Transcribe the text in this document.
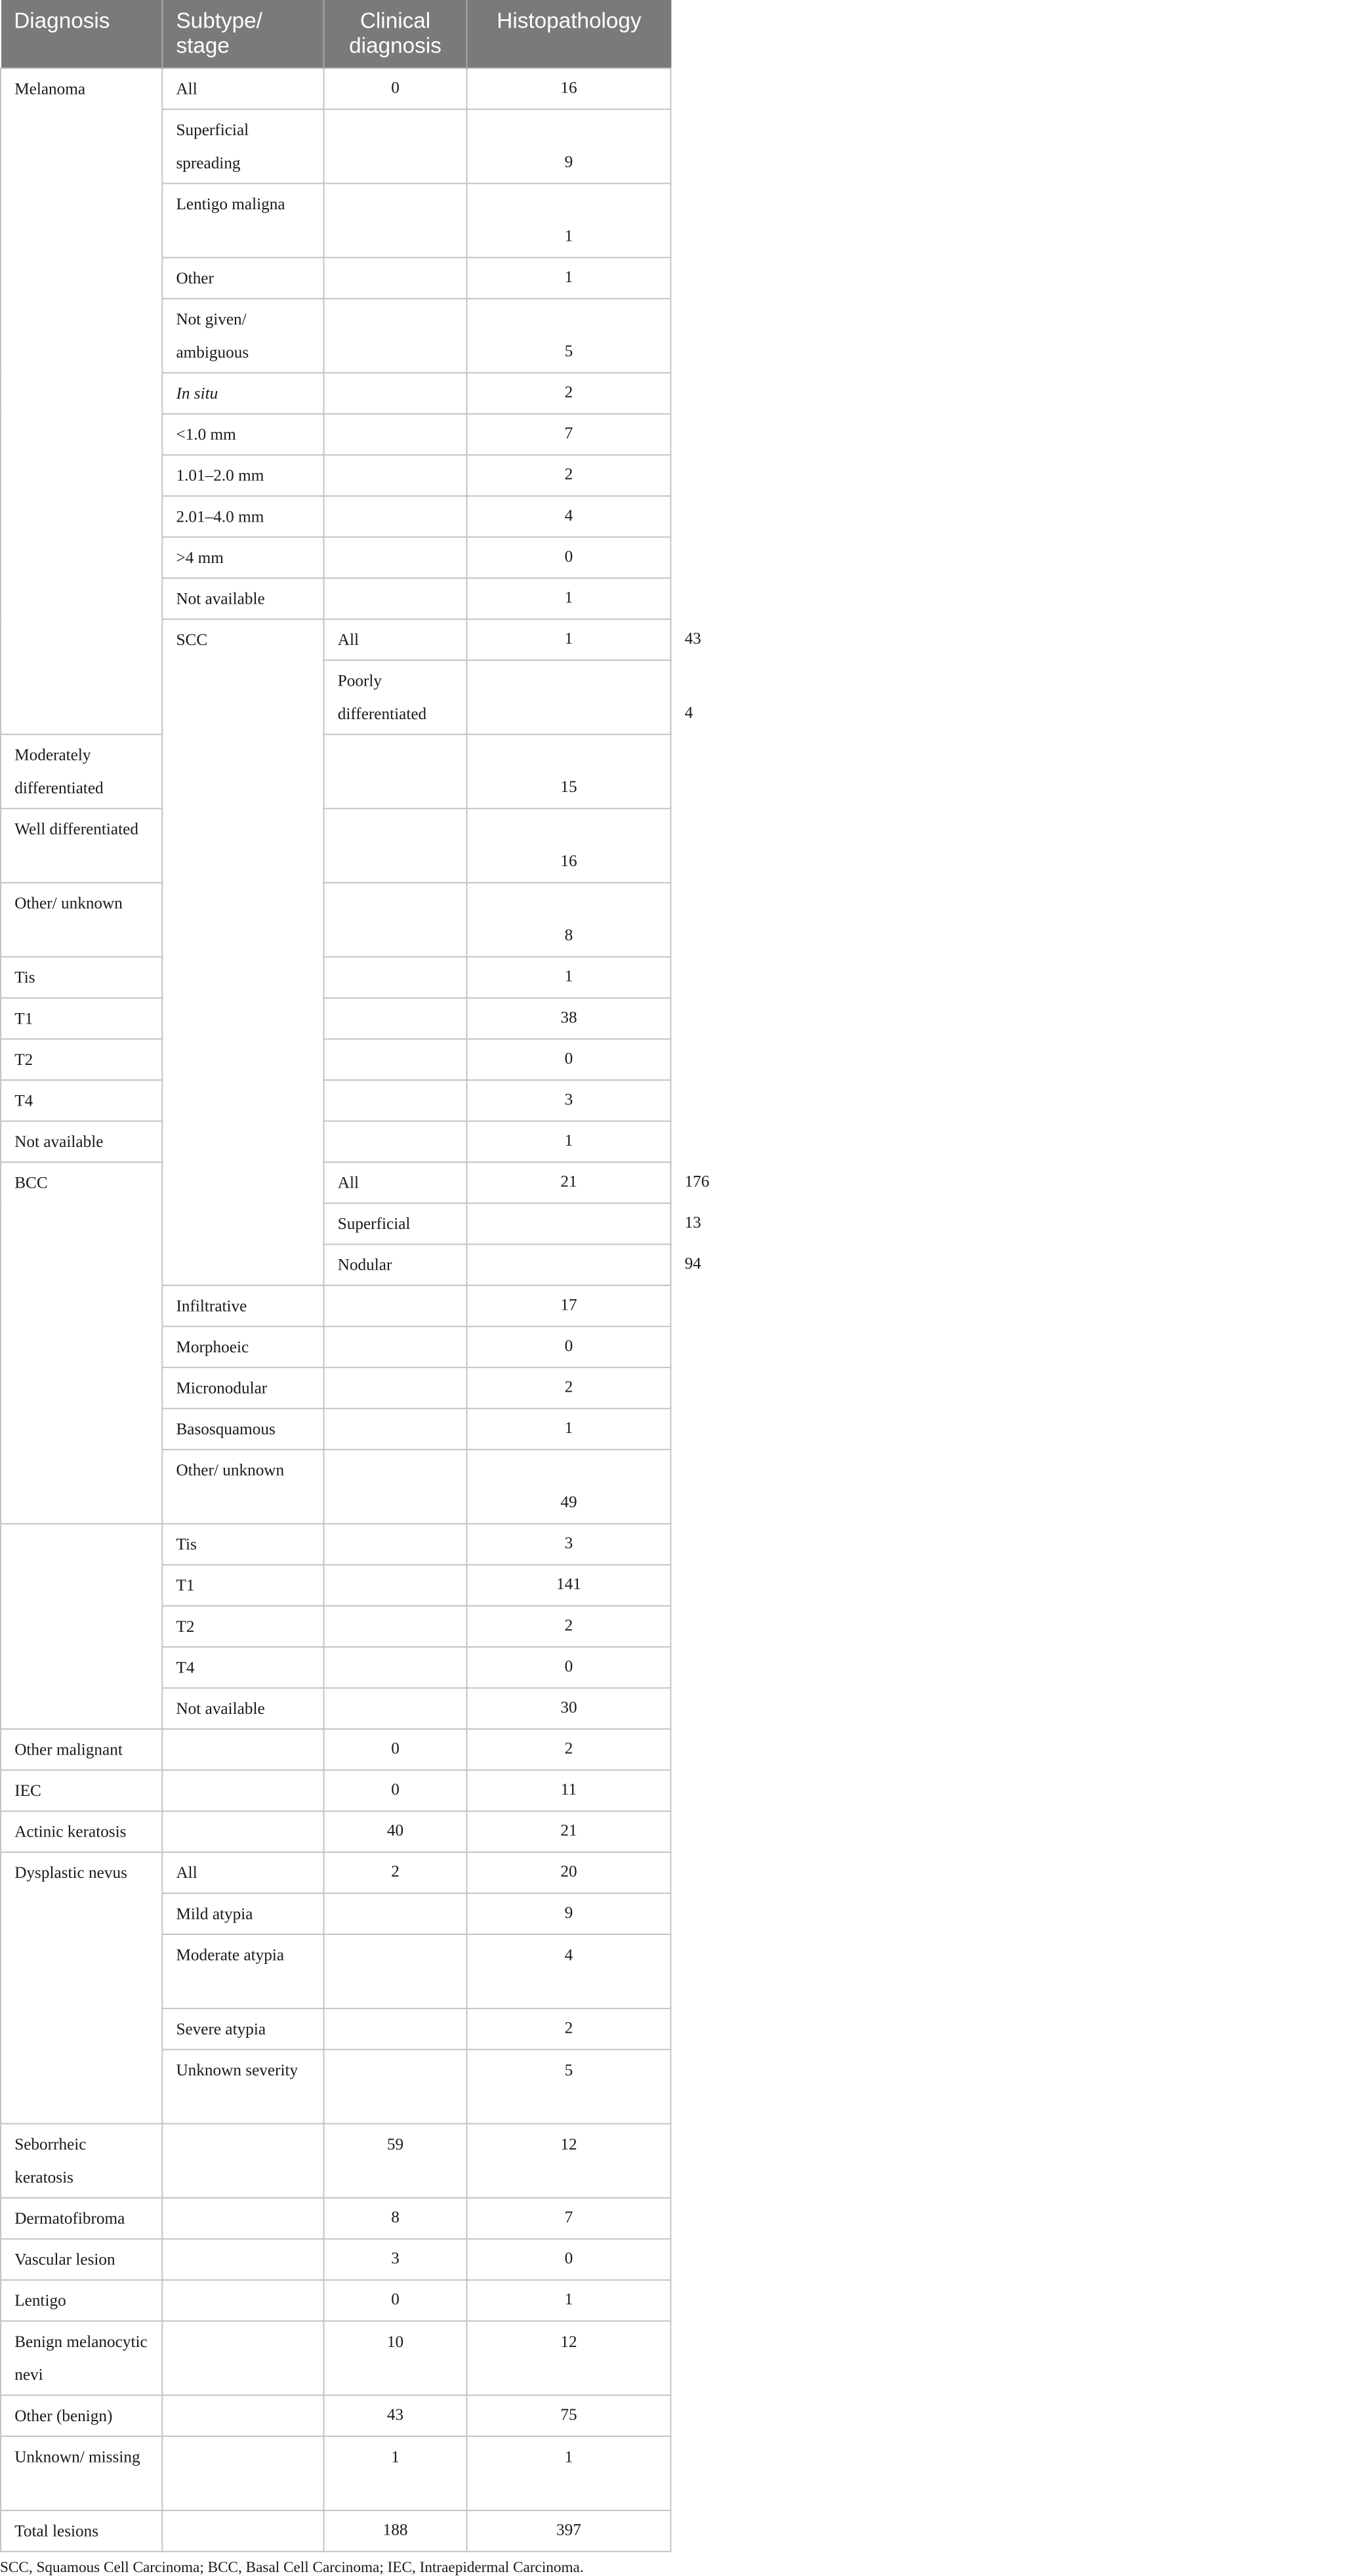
Diagnosis	Subtype/ stage	Clinical diagnosis	Histopathology	
Melanoma	All	0	16	
	Superficial spreading		9	
	Lentigo maligna		1	
	Other		1	
	Not given/ ambiguous		5	
	In situ		2	
	<1.0 mm		7	
	1.01–2.0 mm		2	
	2.01–4.0 mm		4	
	>4 mm		0	
	Not available		1	
	SCC	All	1	43
		Poorly differentiated		4
Moderately differentiated			15	
Well differentiated			16	
Other/ unknown			8	
Tis			1	
T1			38	
T2			0	
T4			3	
Not available			1	
BCC		All	21	176
		Superficial		13
		Nodular		94
	Infiltrative		17	
	Morphoeic		0	
	Micronodular		2	
	Basosquamous		1	
	Other/ unknown		49	
	Tis		3	
	T1		141	
	T2		2	
	T4		0	
	Not available		30	
Other malignant		0	2	
IEC		0	11	
Actinic keratosis		40	21	
Dysplastic nevus	All	2	20	
	Mild atypia		9	
	Moderate atypia		4	
	Severe atypia		2	
	Unknown severity		5	
Seborrheic keratosis		59	12	
Dermatofibroma		8	7	
Vascular lesion		3	0	
Lentigo		0	1	
Benign melanocytic nevi		10	12	
Other (benign)		43	75	
Unknown/ missing		1	1	
Total lesions		188	397	
SCC, Squamous Cell Carcinoma; BCC, Basal Cell Carcinoma; IEC, Intraepidermal Carcinoma.
